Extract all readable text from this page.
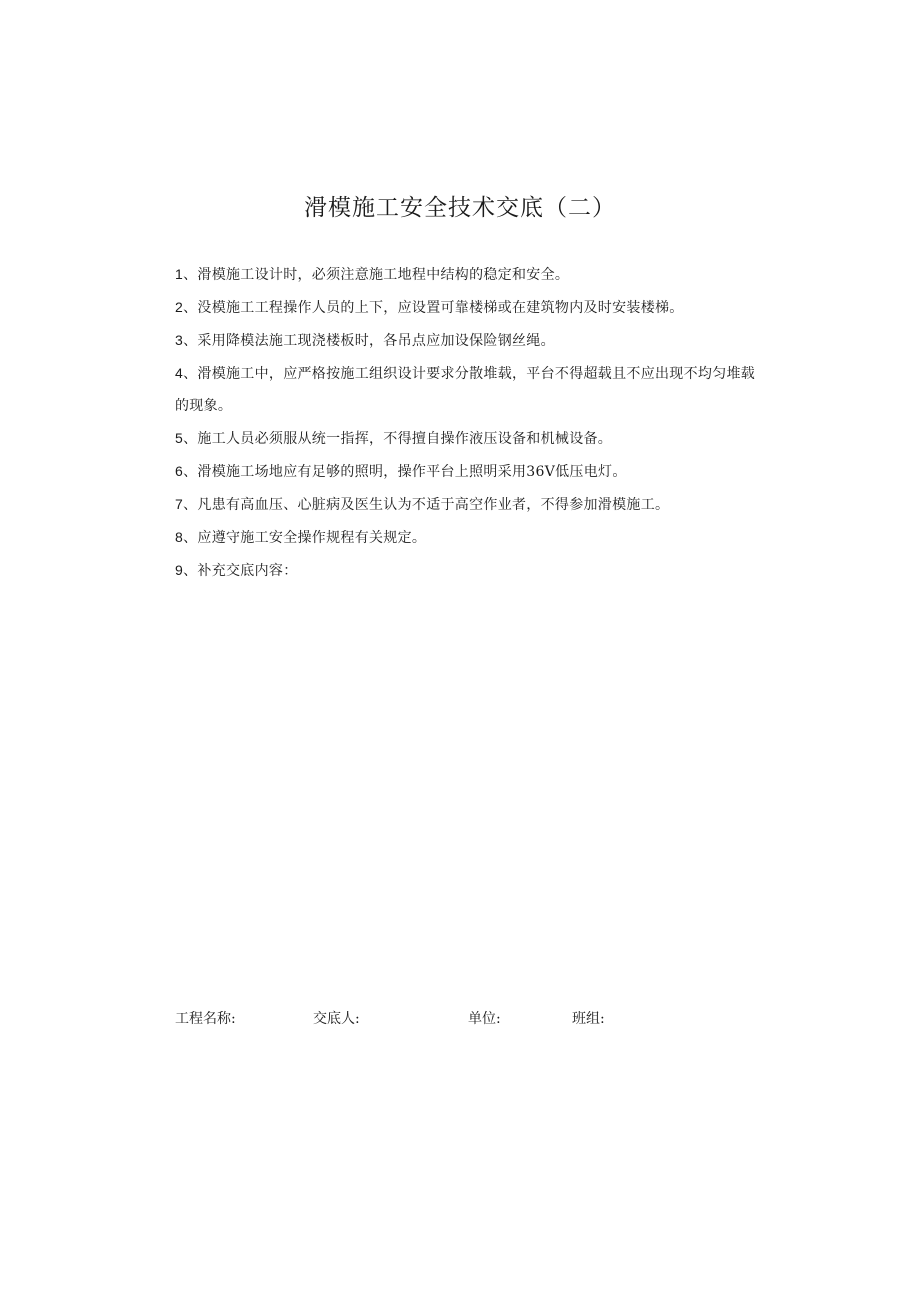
滑模施工安全技术交底（二）
1、滑模施工设计时，必须注意施工地程中结构的稳定和安全。
2、没模施工工程操作人员的上下，应设置可靠楼梯或在建筑物内及时安装楼梯。
3、采用降模法施工现浇楼板时，各吊点应加设保险钢丝绳。
4、滑模施工中，应严格按施工组织设计要求分散堆载，平台不得超载且不应出现不均匀堆载的现象。
5、施工人员必须服从统一指挥，不得擅自操作液压设备和机械设备。
6、滑模施工场地应有足够的照明，操作平台上照明采用36V低压电灯。
7、凡患有高血压、心脏病及医生认为不适于高空作业者，不得参加滑模施工。
8、应遵守施工安全操作规程有关规定。
9、补充交底内容：
工程名称:	交底人:	单位:	班组:
